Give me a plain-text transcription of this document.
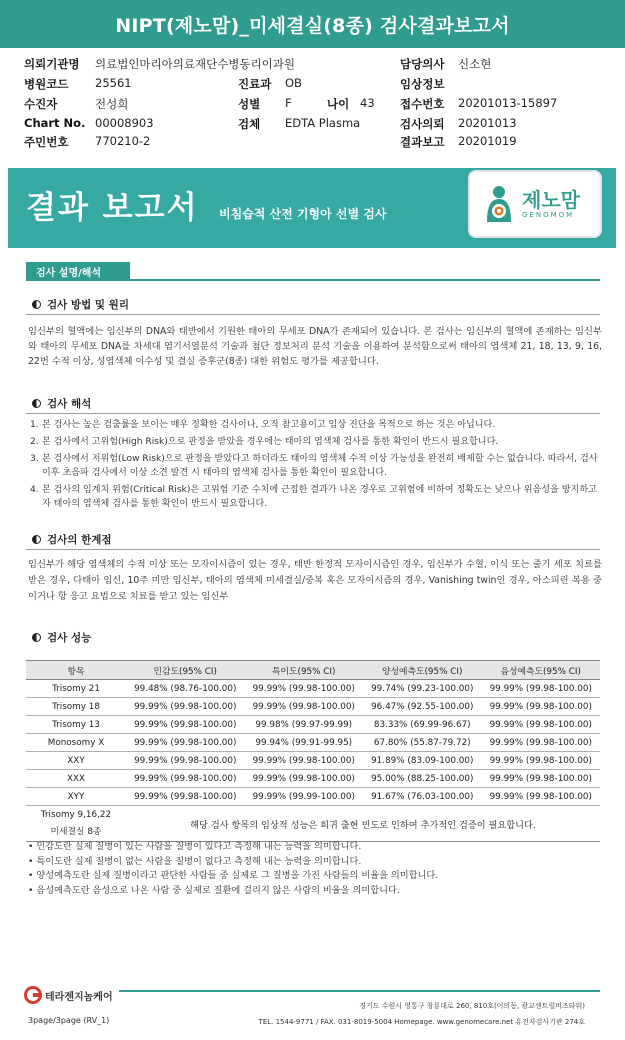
NIPT(제노맘)_미세결실(8종) 검사결과보고서
의뢰기관명 의료법인마리아의료재단수병동리이과원
병원코드 25561
수진자	전성희
Chart No. 00008903
주민번호 770210-2
진료과 OB
성별 F	나이 43
검체 EDTA Plasma
담당의사 신소현
임상정보
접수번호 20201013-15897
검사의뢰 20201013
결과보고 20201019
결과 보고서 비침습적 산전 기형아 선별 검사
제노맘
GENOMOM
검사 설명/해석
검사 방법 및 원리
임신부의 혈액에는 임신부의 DNA와 태반에서 기원한 태아의 무세포 DNA가 존재되어 있습니다. 본 검사는 임신부의 혈액에 존재하는 임신부와 태아의 무세포 DNA를 차세대 염기서열분석 기술과 첨단 정보처리 분석 기술을 이용하여 분석함으로써 태아의 염색체 21, 18, 13, 9, 16, 22번 수적 이상, 성염색체 이수성 및 결실 증후군(8종) 대한 위험도 평가를 제공합니다.
검사 해석
1. 본 검사는 높은 검출률을 보이는 매우 정확한 검사이나, 오직 참고용이고 임상 진단을 목적으로 하는 것은 아닙니다.
2. 본 검사에서 고위험(High Risk)으로 판정을 받았을 경우에는 태아의 염색체 검사를 통한 확인이 반드시 필요합니다.
3. 본 검사에서 저위험(Low Risk)으로 판정을 받았다고 하더라도 태아의 염색체 수적 이상 가능성을 완전히 배제할 수는 없습니다. 따라서, 검사 이후 초음파 검사에서 이상 소견 발견 시 태아의 염색체 검사를 통한 확인이 필요합니다.
4. 본 검사의 임계치 위험(Critical Risk)은 고위험 기준 수치에 근접한 결과가 나온 경우로 고위험에 비하여 정확도는 낮으나 위음성을 방지하고자 태아의 염색체 검사를 통한 확인이 반드시 필요합니다.
검사의 한계점
임신부가 해당 염색체의 수적 이상 또는 모자이시즘이 있는 경우, 태반 한정적 모자이시즘인 경우, 임신부가 수혈, 이식 또는 줄기 세포 치료를 받은 경우, 다태아 임신, 10주 미만 임신부, 태아의 염색체 미세결실/중복 혹은 모자이시즘의 경우, Vanishing twin인 경우, 아스피린 복용 중이거나 항 응고 요법으로 치료를 받고 있는 임신부
검사 성능
항목	민감도(95% CI)	특이도(95% CI)	양성예측도(95% CI)	음성예측도(95% CI)
Trisomy 21	99.48% (98.76-100.00)	99.99% (99.98-100.00)	99.74% (99.23-100.00)	99.99% (99.98-100.00)
Trisomy 18	99.99% (99.98-100.00)	99.99% (99.98-100.00)	96.47% (92.55-100.00)	99.99% (99.98-100.00)
Trisomy 13	99.99% (99.98-100.00)	99.98% (99.97-99.99)	83.33% (69.99-96.67)	99.99% (99.98-100.00)
Monosomy X	99.99% (99.98-100.00)	99.94% (99.91-99.95)	67.80% (55.87-79.72)	99.99% (99.98-100.00)
XXY	99.99% (99.98-100.00)	99.99% (99.98-100.00)	91.89% (83.09-100.00)	99.99% (99.98-100.00)
XXX	99.99% (99.98-100.00)	99.99% (99.98-100.00)	95.00% (88.25-100.00)	99.99% (99.98-100.00)
XYY	99.99% (99.98-100.00)	99.99% (99.99-100.00)	91.67% (76.03-100.00)	99.99% (99.98-100.00)

Trisomy 9,16,22
미세결실 8종	해당 검사 항목의 임상적 성능은 희귀 출현 빈도로 인하여 추가적인 검증이 필요합니다.			
• 민감도란 실제 질병이 있는 사람을 질병이 있다고 측정해 내는 능력을 의미합니다.
• 특이도란 실제 질병이 없는 사람을 질병이 없다고 측정해 내는 능력을 의미합니다.
• 양성예측도란 실제 질병이라고 판단한 사람들 중 실제로 그 질병을 가진 사람들의 비율을 의미합니다.
• 음성예측도란 음성으로 나온 사람 중 실제로 질환에 걸리지 않은 사람의 비율을 의미합니다.
테라젠지놈케어
경기도 수원시 영통구 창룡대로 260, 810호(이의동, 광교센트럴비즈타워)
TEL. 1544-9771 / FAX. 031-8019-5004 Homepage. www.genomecare.net 유전자검사기관 274호
3page/3page (RV_1)
